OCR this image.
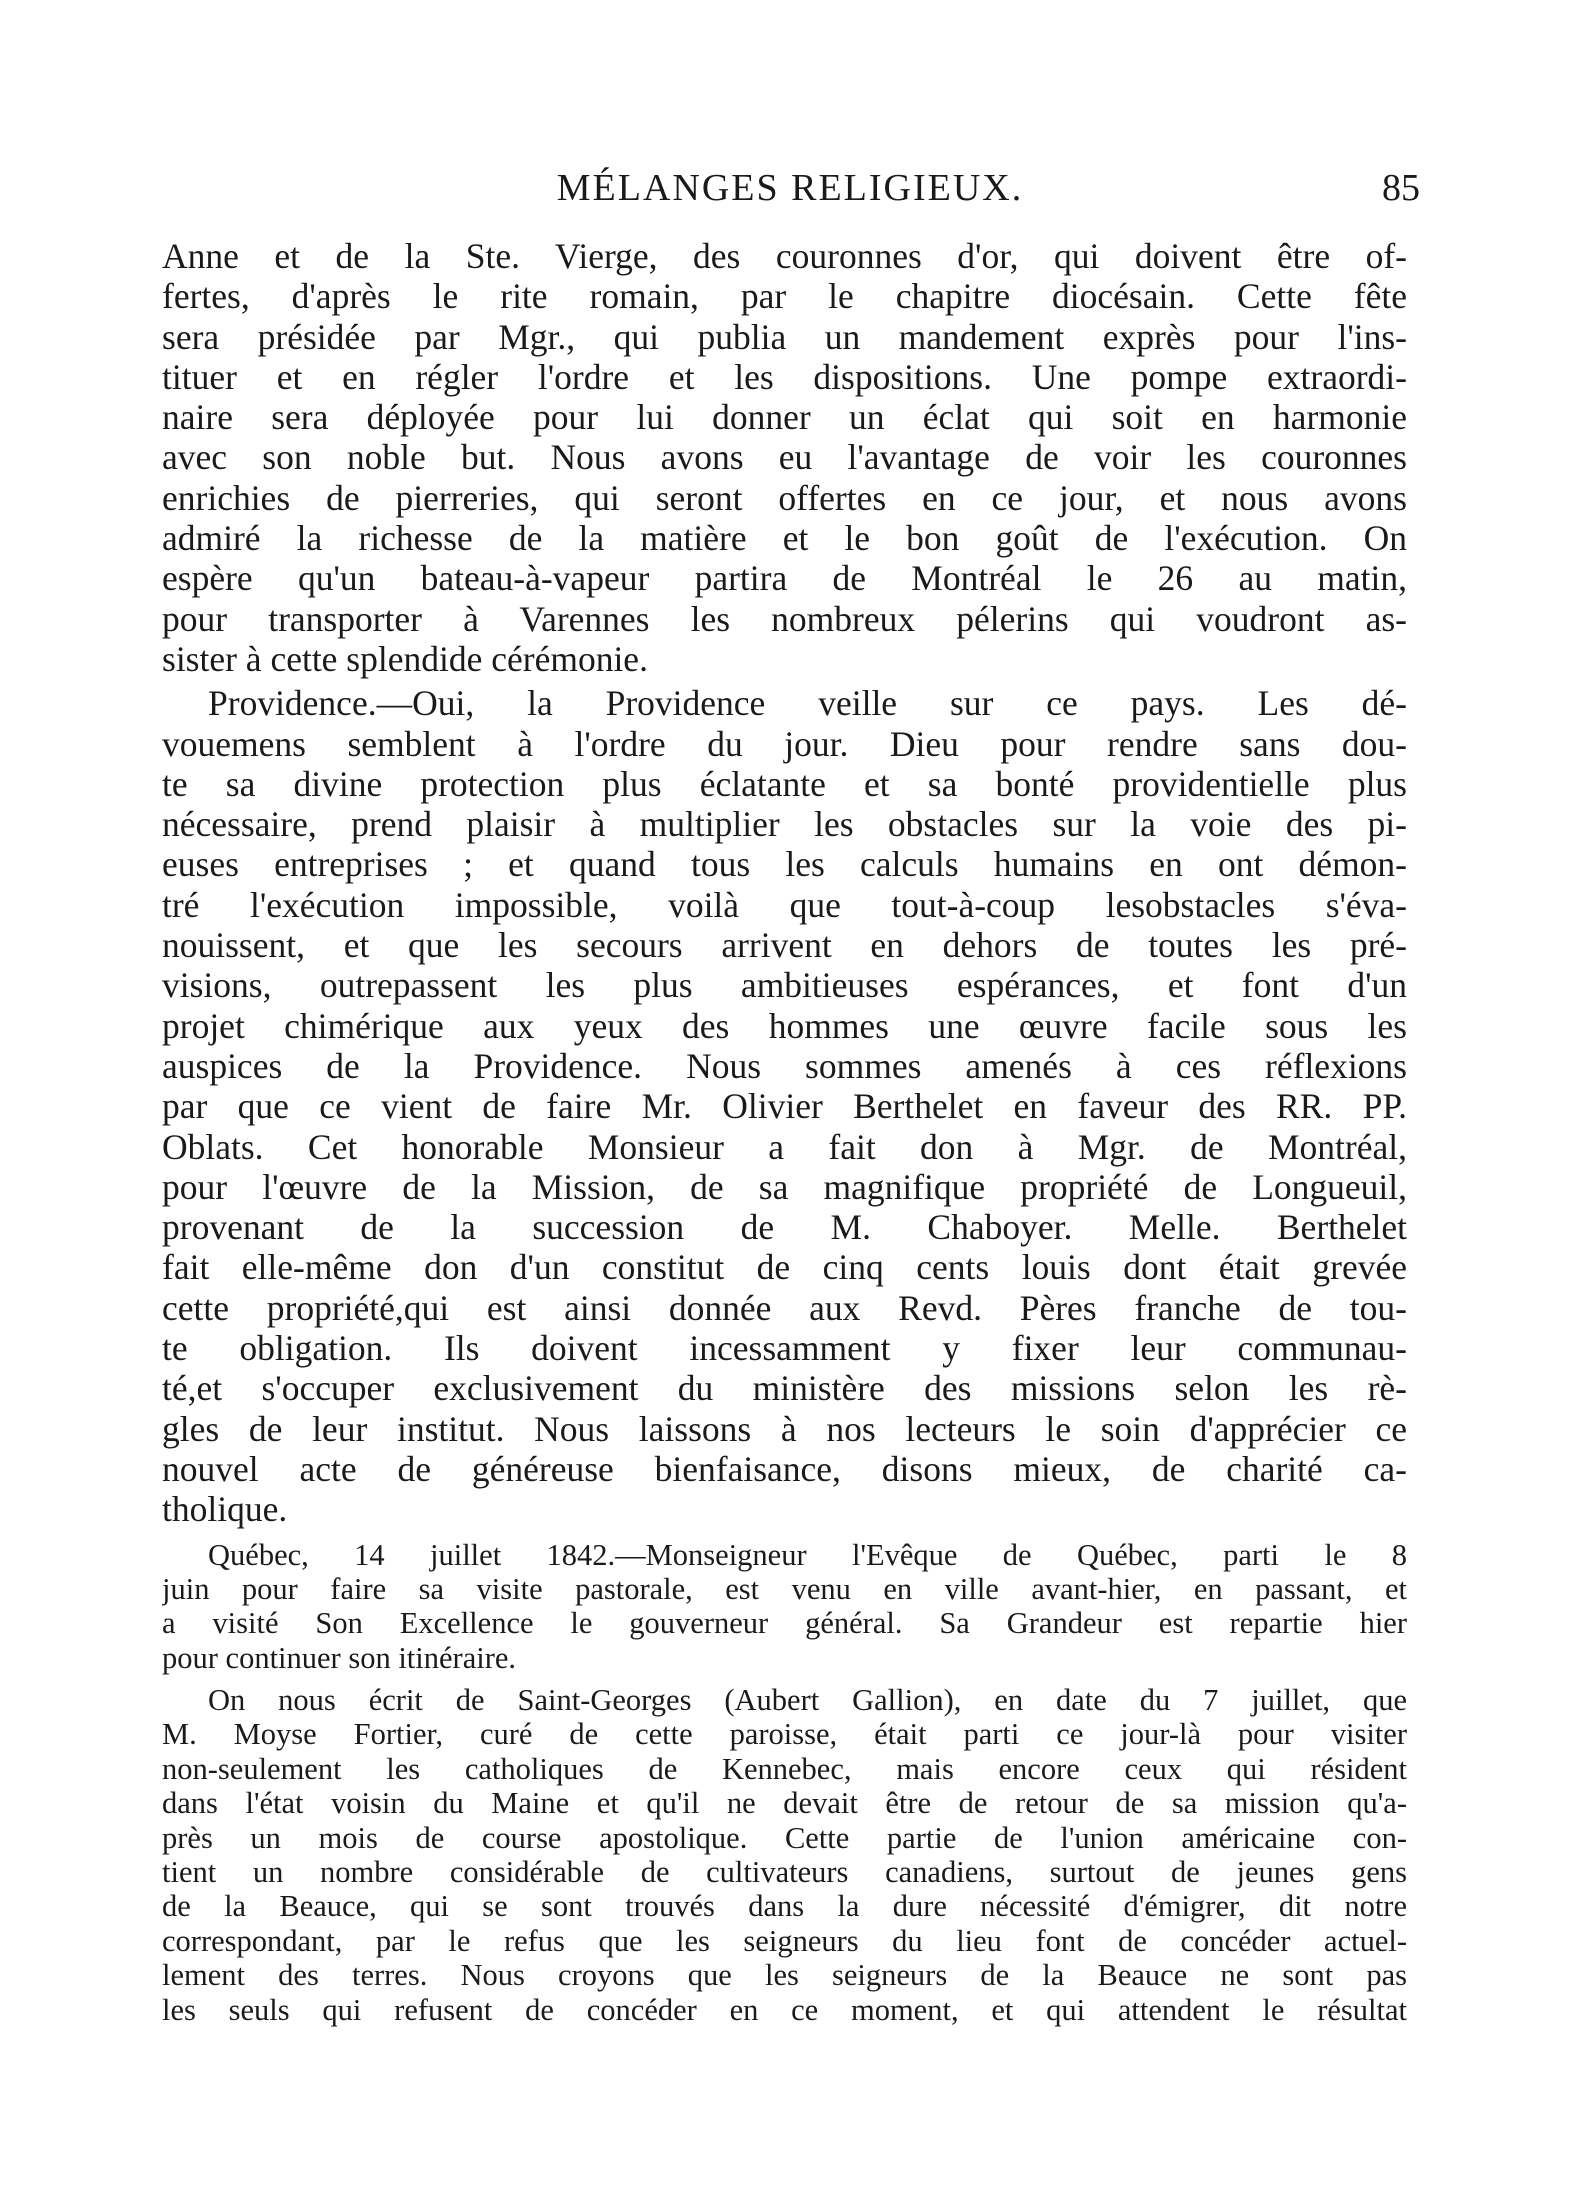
MÉLANGES RELIGIEUX.	85
Anne et de la Ste. Vierge, des couronnes d'or, qui doivent être of-
fertes, d'après le rite romain, par le chapitre diocésain. Cette fête
sera présidée par Mgr., qui publia un mandement exprès pour l'ins-
tituer et en régler l'ordre et les dispositions. Une pompe extraordi-
naire sera déployée pour lui donner un éclat qui soit en harmonie
avec son noble but. Nous avons eu l'avantage de voir les couronnes
enrichies de pierreries, qui seront offertes en ce jour, et nous avons
admiré la richesse de la matière et le bon goût de l'exécution. On
espère qu'un bateau-à-vapeur partira de Montréal le 26 au matin,
pour transporter à Varennes les nombreux pélerins qui voudront as-
sister à cette splendide cérémonie.
Providence.—Oui, la Providence veille sur ce pays. Les dé-
vouemens semblent à l'ordre du jour. Dieu pour rendre sans dou-
te sa divine protection plus éclatante et sa bonté providentielle plus
nécessaire, prend plaisir à multiplier les obstacles sur la voie des pi-
euses entreprises ; et quand tous les calculs humains en ont démon-
tré l'exécution impossible, voilà que tout-à-coup lesobstacles s'éva-
nouissent, et que les secours arrivent en dehors de toutes les pré-
visions, outrepassent les plus ambitieuses espérances, et font d'un
projet chimérique aux yeux des hommes une œuvre facile sous les
auspices de la Providence. Nous sommes amenés à ces réflexions
par que ce vient de faire Mr. Olivier Berthelet en faveur des RR. PP.
Oblats. Cet honorable Monsieur a fait don à Mgr. de Montréal,
pour l'œuvre de la Mission, de sa magnifique propriété de Longueuil,
provenant de la succession de M. Chaboyer. Melle. Berthelet
fait elle-même don d'un constitut de cinq cents louis dont était grevée
cette propriété,qui est ainsi donnée aux Revd. Pères franche de tou-
te obligation. Ils doivent incessamment y fixer leur communau-
té,et s'occuper exclusivement du ministère des missions selon les rè-
gles de leur institut. Nous laissons à nos lecteurs le soin d'apprécier ce
nouvel acte de généreuse bienfaisance, disons mieux, de charité ca-
tholique.
Québec, 14 juillet 1842.—Monseigneur l'Evêque de Québec, parti le 8
juin pour faire sa visite pastorale, est venu en ville avant-hier, en passant, et
a visité Son Excellence le gouverneur général. Sa Grandeur est repartie hier
pour continuer son itinéraire.
On nous écrit de Saint-Georges (Aubert Gallion), en date du 7 juillet, que
M. Moyse Fortier, curé de cette paroisse, était parti ce jour-là pour visiter
non-seulement les catholiques de Kennebec, mais encore ceux qui résident
dans l'état voisin du Maine et qu'il ne devait être de retour de sa mission qu'a-
près un mois de course apostolique. Cette partie de l'union américaine con-
tient un nombre considérable de cultivateurs canadiens, surtout de jeunes gens
de la Beauce, qui se sont trouvés dans la dure nécessité d'émigrer, dit notre
correspondant, par le refus que les seigneurs du lieu font de concéder actuel-
lement des terres. Nous croyons que les seigneurs de la Beauce ne sont pas
les seuls qui refusent de concéder en ce moment, et qui attendent le résultat
